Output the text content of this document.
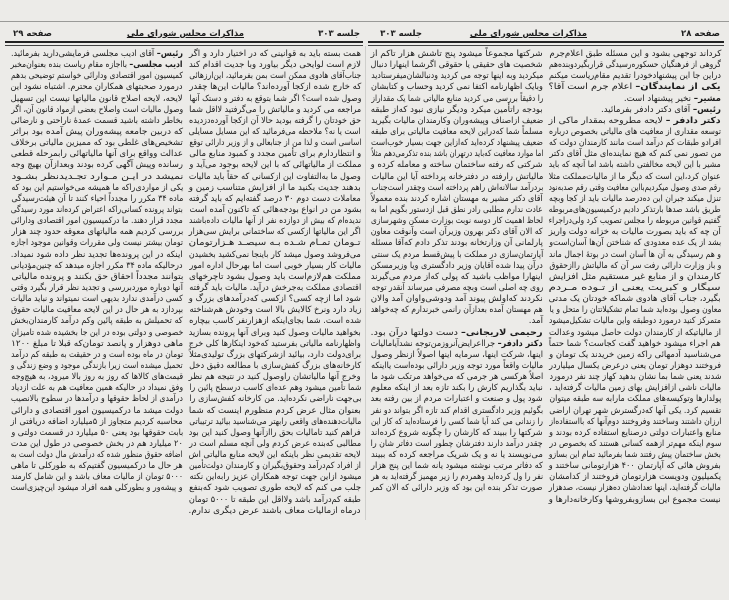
صفحه ۲۸
مذاکرات مجلس شورای ملی
جلسه ۳۰۳
جلسه ۳۰۳
مذاکرات مجلس شورای ملی
صفحه ۲۹
کرداند توجهی بشود و این مسئله طبق اعلام‌جرم
گروهی از فرهنگیان حسکوره‌رسیدگی قراربگیرد‌وبنده‌هم
دراین جا این پیشنهادخودرا تقدیم مقام‌ریاست میکنم
یکی از نمایندگان– اعلام جرم است آقا؟
مشیر– نخیر پیشنهاد است.
رئیس– آقای دکتر دادفر بفرمائید.
دکتر دادفر – لایحه مطروحه بمقدار ماکی از
توسعه مقداری از معافیت های مالیاتی بخصوص درباره
افرادو طبقات کم درآمد است مانند کارمندان دولت که
من تصور نمی کنم که هیچ نماینده‌ای مثل آقای دکتر
مشیر با این لایحه مخالفتی داشته باشد اما آنچه که باید
عنوان کرد،این است که دیگر ما از مالیات‌مملکت مثلا
رقم صدی وصول میکردیم‌بااین معافیت وقتی رقم صدبه‌نود
تنزل میکند جبران این ده‌درصد مالیات باید از کجا وبچه
طریق باشد صدها بارتذکر دادیم درکمیسیون‌های‌مربوطه
گفتیم قوانین مربوطه را مجلس تصویب کرد ولی‌دراجراء
آن چه که باید بصورت مالیات به خزانه دولت واریز
بشد از یک عده معدودی که شناختن آن‌ها آسان‌است‌و
و هم رسیدگی به آن ها آسان است در بوتهٔ اجمال ماند
و باز وزارت دارائی رفت سر آن که مالیاتش رااز‌حقوق
کارمندان و از منابع غیر مستقیم مثل افزایش
سیگار و کبریت یعنی از تـوده مـردم
بگیرد، جناب آقای هادوی شماکه خودتان یک مدتی
معاون وصول بوده‌اید شما تمام تشکیلاتتان را متحل و یا
متمرکز کنید درمورد دوطبقه واین مالیات تشکیل‌میشود
از مالیاتیکه از کارمندان دولت حاصل میشود وعدالت
هم اجراء میشود خواهید گفت کجاست؟ شما حتماً
می‌شناسید آدمهائی راکه زمین خریدند یک تومان و
فروختند دوهزار تومان یعنی درعرض یکسال میلیاردر
شدند یعنی شما بما نشان بدهید کهاز چند نفر درمورد
مالیات ناشی ازافزایش بهای زمین مالیات گرفته‌اید ،
پولدارها وتوکیسه‌های مملکت مارابه سه طبقه میتوان
تقسیم کرد. یکی آنها کەدرگسترش شهر تهران اراضی
ارزان داشتند وساختند وفروختند دوم‌آنها که بااستفاده‌از
منابع واعتبارات دولتی درصنایع استفاده کرده بودند و
سوم اینکه مهم‌تر ازهمه کسانی هستند که بخصوص در
بخش ساختمان پیش رفتند شما بفرمائید تمام این بسازو
بفروش هائی که آپارتمان ۴۰۰ هزارتومانی ساختند و
یکمیلیون ودویست هزارتومان فروختند از کدامشان
مالیات گرفته‌اید، اینها تعدادشان ده‌هزار نیست، صدهزار
نیست مجموع این بسازوبفروشها وکارخانه‌دارها و
شرکتها مجموعاً میشود پنج تاشش هزار تاکم از
شخصیت های حقیقی یا حقوقی اگرشما اینهارا دنبال
میکردید وبه اینها توجه می کردید ودنبالشان‌میفرستادید
وبایک اظهارنامه اکتفا نمی کردید وحساب و کتابشان
را دقیقاً بررسی می کردید منابع مالیاتی شما یک مقداراز
بودجه راتأمین میکرد ودیگر نیازی نبود کەاز طبقه
ضعیف ازاصناف وپیشەوران وکارمندان مالیات بگیرید
مسلماً شما کەدراین لایحه معافیت مالیاتی برای طبقه
ضعیف پیشنهاد کرده‌اید کەازاین جهت بسیار خوب‌است
اما موارد معافیت کەباید درتهران باشد بنده تذکرمی‌دهم مثلاً
شرکتی که رفته ساختمان ساخته و معامله کرده و
مالیاتش رارفته در دفترخانه پرداخته آیا این مالیات
بردرآمد سالانه‌اش راهم پرداخته است وچقدر است‌جناب
آقای دکتر مشیر به مهستان اشاره کردند بنده معمولاً
عادت ندارم مطلبی رادر نطق قبل ازدستور بگویم اما به
لحاظ اهمیت کار دوسه نوبت بوزارت مسکن وشهرسازی
که الان آقای دکتر بهرون وزیرآن است وآنوقت معاون
پارلمانی آن وزارتخانه بودند تذکر دادم کەآقا مسئله
آپارتمان‌سازی در مملکت با پیش‌قسط مردم یک سنتی
درآن پیدا شده آقایان وزیر دادگستری ویا وزیرمسکن
اینهارا مواظب باشید که پولی کەاز مردم می‌گیرند
روی چه اصلی است وبچه مصرفی میرساند آنقدر توجه
نکردند کەاولش پیوند آمد ودوشی‌واوان آمد والان
هم مهستان آمده بعدازآن رانمی خبرندارم که چه‌خواهد
آمد.
رحیمی لاریجانی– دست دولتها درآن بود.
دکتر دادفر– جرااعرایض‌آنروزمن‌توجه نشد‌آیامالیات
اینها، شرکت اینها، سرمایه اینها اصولاً ازنظر وصول
مالیات واقعاً مورد توجه وزیر دارائی بوده‌است یااینکه
اصلاً هرکسی هر جرمی که می‌خواهد مرتکب شود ما
نباید بگذاریم کارش را بکند تازه بعد از اینکه معلوم
شود پول و صنعت و اعتبارات مردم از بین رفته بعد
بگوئیم وزیر دادگستری اقدام کند تازه اگر بتواند دو نفر
را زندانی می کند آیا شما کسی را فرستاده‌اید که کار این
شرکتها را ببیند که کارشان را چگونه شروع کرده‌اند
چقدر درآمد دارند دفترشان چطور است دفاتر شان را
می‌نویسند یا نه و یک شریک مراجعه کرده که ببیند
که دفاتر مرتب نوشته میشود یانه شما این پنج هزار
نفر را ول کرده‌اید وهمردم را زیر مهمیز گرفته‌اید به هر
صورت تذکر بنده این بود که وزیر دارائی که الان کمر
همت بسته باید به قوانینی که در اختیار دارد و اگر
لازم است لوایحی دیگر بیاورد وبا جدیت اقدام کند
جناب‌آقای هادوی ممکن است بمن بفرمائید، این‌ارزهائی
که خارج شده ازکجا آورده‌اند؟ مالیات این‌ها چقدر
وصول شده است؟ اگر شما بتوقع به دفتر و دستک آنها
مراجعه می کردید و مالیاتش را می‌گرفتید لااقل شما
حق خودتان را گرفته بودید حالا آن ازکجا آورده‌دزدیده
است یا نه؟ ملاحظه می‌فرمائید که این مسایل مسایلی
اساسی است و لذا من از جنابعالی و از وزیر دارائی توقع
و انتظاردارم برای تأمین مجدد و کمبود منابع مالی
مملکت از مالیاتهائی که با این لایحه بوجود می‌آید و
وصول ما به‌التفاوت این ازکسانی که حقاً باید مالیات
بدهند جدیت بکنید ما از افزایش متناسب زمین و
معاملات دست دوم ۳۰ درصد گفته‌ایم که باید گرفته
بشود من در انواع بودجه‌هائی که تاکنون آمده است
ندیده‌ام که بیش از دوازده نفر از آنها مالیات داده‌باشند
اگر این مالیاتها ازکسی که ساختمانی برایش سی‌هزار
تـومان تمـام شـده بـه سیصـد هـزارتومان
می‌فروشد وصول میشد کار باینجا نمی‌کشید بخشیدن
مالیات کار بسیار خوبی است اما بهرحال اداره امور
مملکت هم‌لازم‌است باید وصول بشود تاچرخهای
اقتصادی مملکت به‌جرخش درآید. مالیات باید گرفته
شود اما ازچه کسی؟ ازکسی کەدرآمدهای بزرگ و
زیاد دارد ونرخ کالایش بالا است وخودش هم‌شناخته
شده است. شما بجای‌اینکه ازهزارنفر کاسب بیچاره
بخواهید مالیات وصول کنید وبرای آنها پرونده بسازید
واظهارنامه مالیاتی بفرستید کەخود اینکارها کلی خرج
برای‌دولت دارد، بیائید ازشرکتهای بزرگ تولیدی‌مثلاً
کارخانه‌های بزرگ کفش‌سازی با مطالعه دقیق دخل
وخرج آنها مالیاتشان راوصول کنید در نتیجه هم نظر
شما تأمین میشود وهم عده‌ای کاسب درسطح پائین را
بی‌جهت ناراضی نکرده‌اید. من کارخانه کفش‌سازی را
بعنوان مثال عرض کردم منظورم اینست که شما
مالیات‌دهنده‌های واقعی رابهتر می‌شناسید بیائید ترتیباتی
فراهم کنید تامالیات بحق رااز‌آنها وصول کنید این بود
مطالبی کەبنده عرض کردم ولی آنچه مسلم است در
لایحه تقدیمی نظر باینکه این لایحه منابع مالیاتی اش
از افراد کم‌درآمد وحقوق‌بگیران و کارمندان دولت‌تأمین
میشود ازاین جهت توجه همکاران عزیز رابه‌این نکته
جلب می کنم که لایحه طوری تصویب شود کەبنفع
طبقه کم‌درآمد باشد ولااقل این طبقه تا ۵۰۰۰ تومان
درماه ازمالیات معاف باشند عرض دیگری ندارم.
رئیس– آقای ادیب مجلسی فرمایشی‌دارید بفرمائید.
ادیب مجلسی– بااجازه مقام ریاست بنده بعنوان‌مخبر
کمیسیون امور اقتصادی ودارائی خواستم توضیحی بدهم
درمورد صحبتهای همکاران محترم. اشتباه نشود این
لایحه، لایحه اصلاح قانون مالیاتها نیست این تسهیل
وصول مالیات است واصلاح بعضی ازمواد قانون آن، اگر
بخاطر داشته باشید قسمت عمدهٔ ناراحتی و نارضائی
که دربین جامعه پیشەوران پیش آمده بود براثر
تشخیص‌های غلطی بود که ممیزین مالیاتی برخلاف
عدالت وواقع برای آنها مالیاتهائی رابمرحله قطعی
رسانده وپیش آگهی کرده بودند وبعدازآن بهیچ وجه
نمیشد در ایـن مـوارد تجـدیدنظر بشـود
یکی از مواردی‌راکه ما همیشه می‌خواستیم این بود که
ماده ۳۴ مکرر را مجدداً احیاء کنند تا آن هیئت‌رسیدگی
بتواند پرونده کسانی‌راکه اعتراض کرده‌اند مورد رسیدگی
مجدد قرار دهند. ما درکمیسیون امور اقتصادی ودارائی
بررسی کردیم همه مالیاتهای معوقه حدود چند هزار
تومان بیشتر نیست ولی مقررات وقوانین موجود اجازه
اینکه در این پرونده‌ها تجدید نظر داده شود نمیداد.
درحالیکه ماده ۳۴ مکرر اجازه میدهد که چنین‌مؤدیانی
بتوانند مجدداً احقاق حق بکنند و پرونده مالیاتی
آنها دوباره موردبررسی و تجدید نظر قرار بگیرد وقتی
کسی درآمدی ندارد بدیهی است نمیتواند و نباید مالیات
بپردازد به هر حال در این لایحه معافیت مالیات حقوق
که تحمیلش به طبقه پائین وکم درآمد کارمندان‌بخش
خصوصی و دولتی بوده در این جا بخشیده شده تامیزان
ماهی دوهزار و پانصد تومان‌که قبلا تا مبلغ ۱۲۰۰
تومان در ماه بوده است و در حقیقت به طبقه کم درآمد
تحمیل میشده است زیرا بازندگی موجود و وضع زندگی و
قیمت‌های کالاها که روز به روز بالا میرود، به هیچ‌وجه
وفق نمیداد در حالیکه همین معافیت هم به علت ازدیاد
درآمدی از لحاظ حقوقها و درآمدها در سطوح بالانصیب
دولت میشد ما درکمیسیون امور اقتصادی و دارائی
محاسبه کردیم متجاوز از ۵میلیارد اضافه دریافتی از
بابت حقوقها بود یعنی ۵۰ میلیارد در قسمت دولتی و
۲۰ میلیارد هم در بخش خصوصی در طول این مدت
اضافه حقوق منظور شده که درآمدش مال دولت است به
هر حال ما درکمیسیون گفتیم‌که به طورکلی تا ماهی
۵۰۰۰ تومان از مالیات معاف باشد و این شامل کارمند
و پیشه‌ور و بطورکلی همه افراد میشود این‌چیزی‌است
